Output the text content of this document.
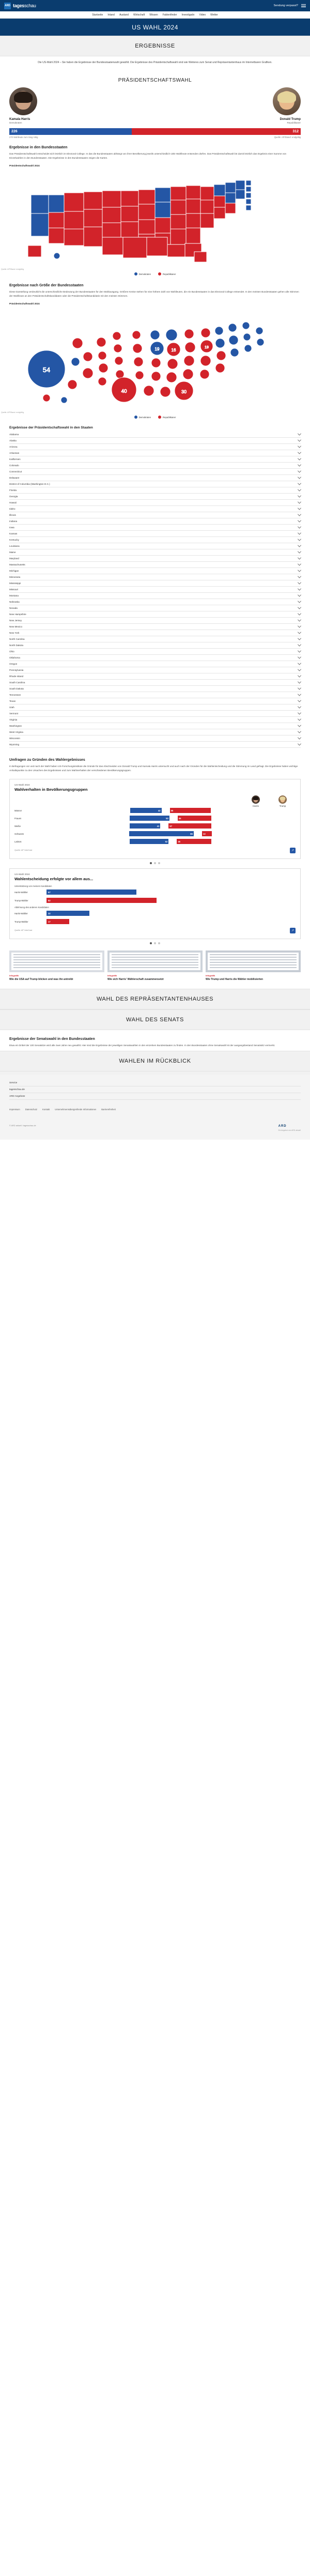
ARD tagesschau	Sendung verpasst?
Startseite Inland Ausland Wirtschaft Wissen Faktenfinder Investigativ Video Wetter
US WAHL 2024
ERGEBNISSE
Die US-Wahl 2024 – Sie haben die Ergebnisse der Bundesstaatenwahl gewählt. Die Ergebnisse des Präsidentschaftswahl sind wie Weiteres zum Senat und Repräsentantenhaus im Internetbaren Grafiken.
PRÄSIDENTSCHAFTSWAHL
Kamala Harris
Demokraten
Donald Trump
Republikaner
226	312
270 Wahlleute zum Sieg nötig	Quelle: AP/Stand: endgültig
Ergebnisse in den Bundesstaaten

Das Präsidentschaftswahl entscheidet sich letztlich im Electoral College. In das die Bundesstaaten abhängt von ihrer Bevölkerung jeweils unterschiedlich viele Wahlleute entsenden dürfen. Das Präsidentschaftswahl ist damit letztlich das Ergebnis einer Summe von Einzelwahlen in den Bundesstaaten. Die Ergebnisse in den Bundesstaaten zeigen die Karten.

Präsidentschaftswahl 2024
Quelle: AP/Stand: endgültig
Demokraten	Republikaner
Ergebnisse nach Größe der Bundesstaaten

Diese Darstellung verdeutlicht die unterschiedliche Bedeutung der Bundesstaaten für den Wahlausgang. Größere Kreise stehen für eine höhere Zahl von Wahlleuten, die ein Bundesstaaten in das Electoral College entsendet. In den meisten Bundesstaaten gehen alle Stimmen der Wahlleute an den Präsidentschaftskandidaten oder die Präsidentschaftskandidatin mit den meisten Stimmen.

Präsidentschaftswahl 2024
54
40
19	16
30
19
Quelle: AP/Stand: endgültig
Demokraten	Republikaner
Ergebnisse der Präsidentschaftswahl in den Staaten
Alabama
Alaska
Arizona
Arkansas
Kalifornien
Colorado
Connecticut
Delaware
District of Columbia (Washington D.C.)
Florida
Georgia
Hawaii
Idaho
Illinois
Indiana
Iowa
Kansas
Kentucky
Louisiana
Maine
Maryland
Massachusetts
Michigan
Minnesota
Mississippi
Missouri
Montana
Nebraska
Nevada
New Hampshire
New Jersey
New Mexico
New York
North Carolina
North Dakota
Ohio
Oklahoma
Oregon
Pennsylvania
Rhode Island
South Carolina
South Dakota
Tennessee
Texas
Utah
Vermont
Virginia
Washington
West Virginia
Wisconsin
Wyoming
Umfragen zu Gründen des Wahlergebnisses

In Befragungen vor und nach der Wahl haben US-Forschungsinstitute die Gründe für das Abschneiden von Donald Trump und Kamala Harris untersucht und auch nach der Gründen für die Wahlentscheidung und die Stimmung im Land gefragt. Die Ergebnisse haben wichtige Anhaltspunkte zu den Ursachen des Ergebnisses und zum Wahlverhalten der verschiedenen Bevölkerungsgruppen.

US-Wahl 2024
Wahlverhalten in Bevölkerungsgruppen
Harris	Trump
Männer	42	55
Frauen	53	45
Weiße	41	57
Schwarze	86	13
Latinos	52	46
Quelle: AP VoteCast	↗
US-Wahl 2024
Wahlentscheidung erfolgte vor allem aus...
Unterstützung von meinem Kandidaten
Harris-Wähler	67
Trump-Wähler	82
Ablehnung des anderen Kandidaten
Harris-Wähler	32
Trump-Wähler	17
Quelle: AP VoteCast	↗
Infografik
Wie die USA auf Trump blicken und was ihn antreibt
Infografik
Wie sich Harris' Wählerschaft zusammensetzt
Infografik
Wie Trump und Harris die Wähler mobilisierten
WAHL DES REPRÄSENTANTENHAUSES
WAHL DES SENATS
Ergebnisse der Senatswahl in den Bundesstaaten

Etwa ein Drittel der 100 Senatsitze wird alle zwei Jahre neu gewählt. Hier sind die Ergebnisse der jeweiligen Senatswahlen in den einzelnen Bundesstaaten zu finden. In den Bundesstaaten ohne Senatswahl ist der ausgangsbestand Senatssitz vermerkt.

WAHLEN IM RÜCKBLICK
Service
tagesschau.de
ARD Angebote
Impressum Datenschutz Kontakt Unternehmensübergreifende Informationen Barrierefreiheit
© ARD aktuell / tagesschau.de	ARD
Ein Angebot von ARD aktuell
